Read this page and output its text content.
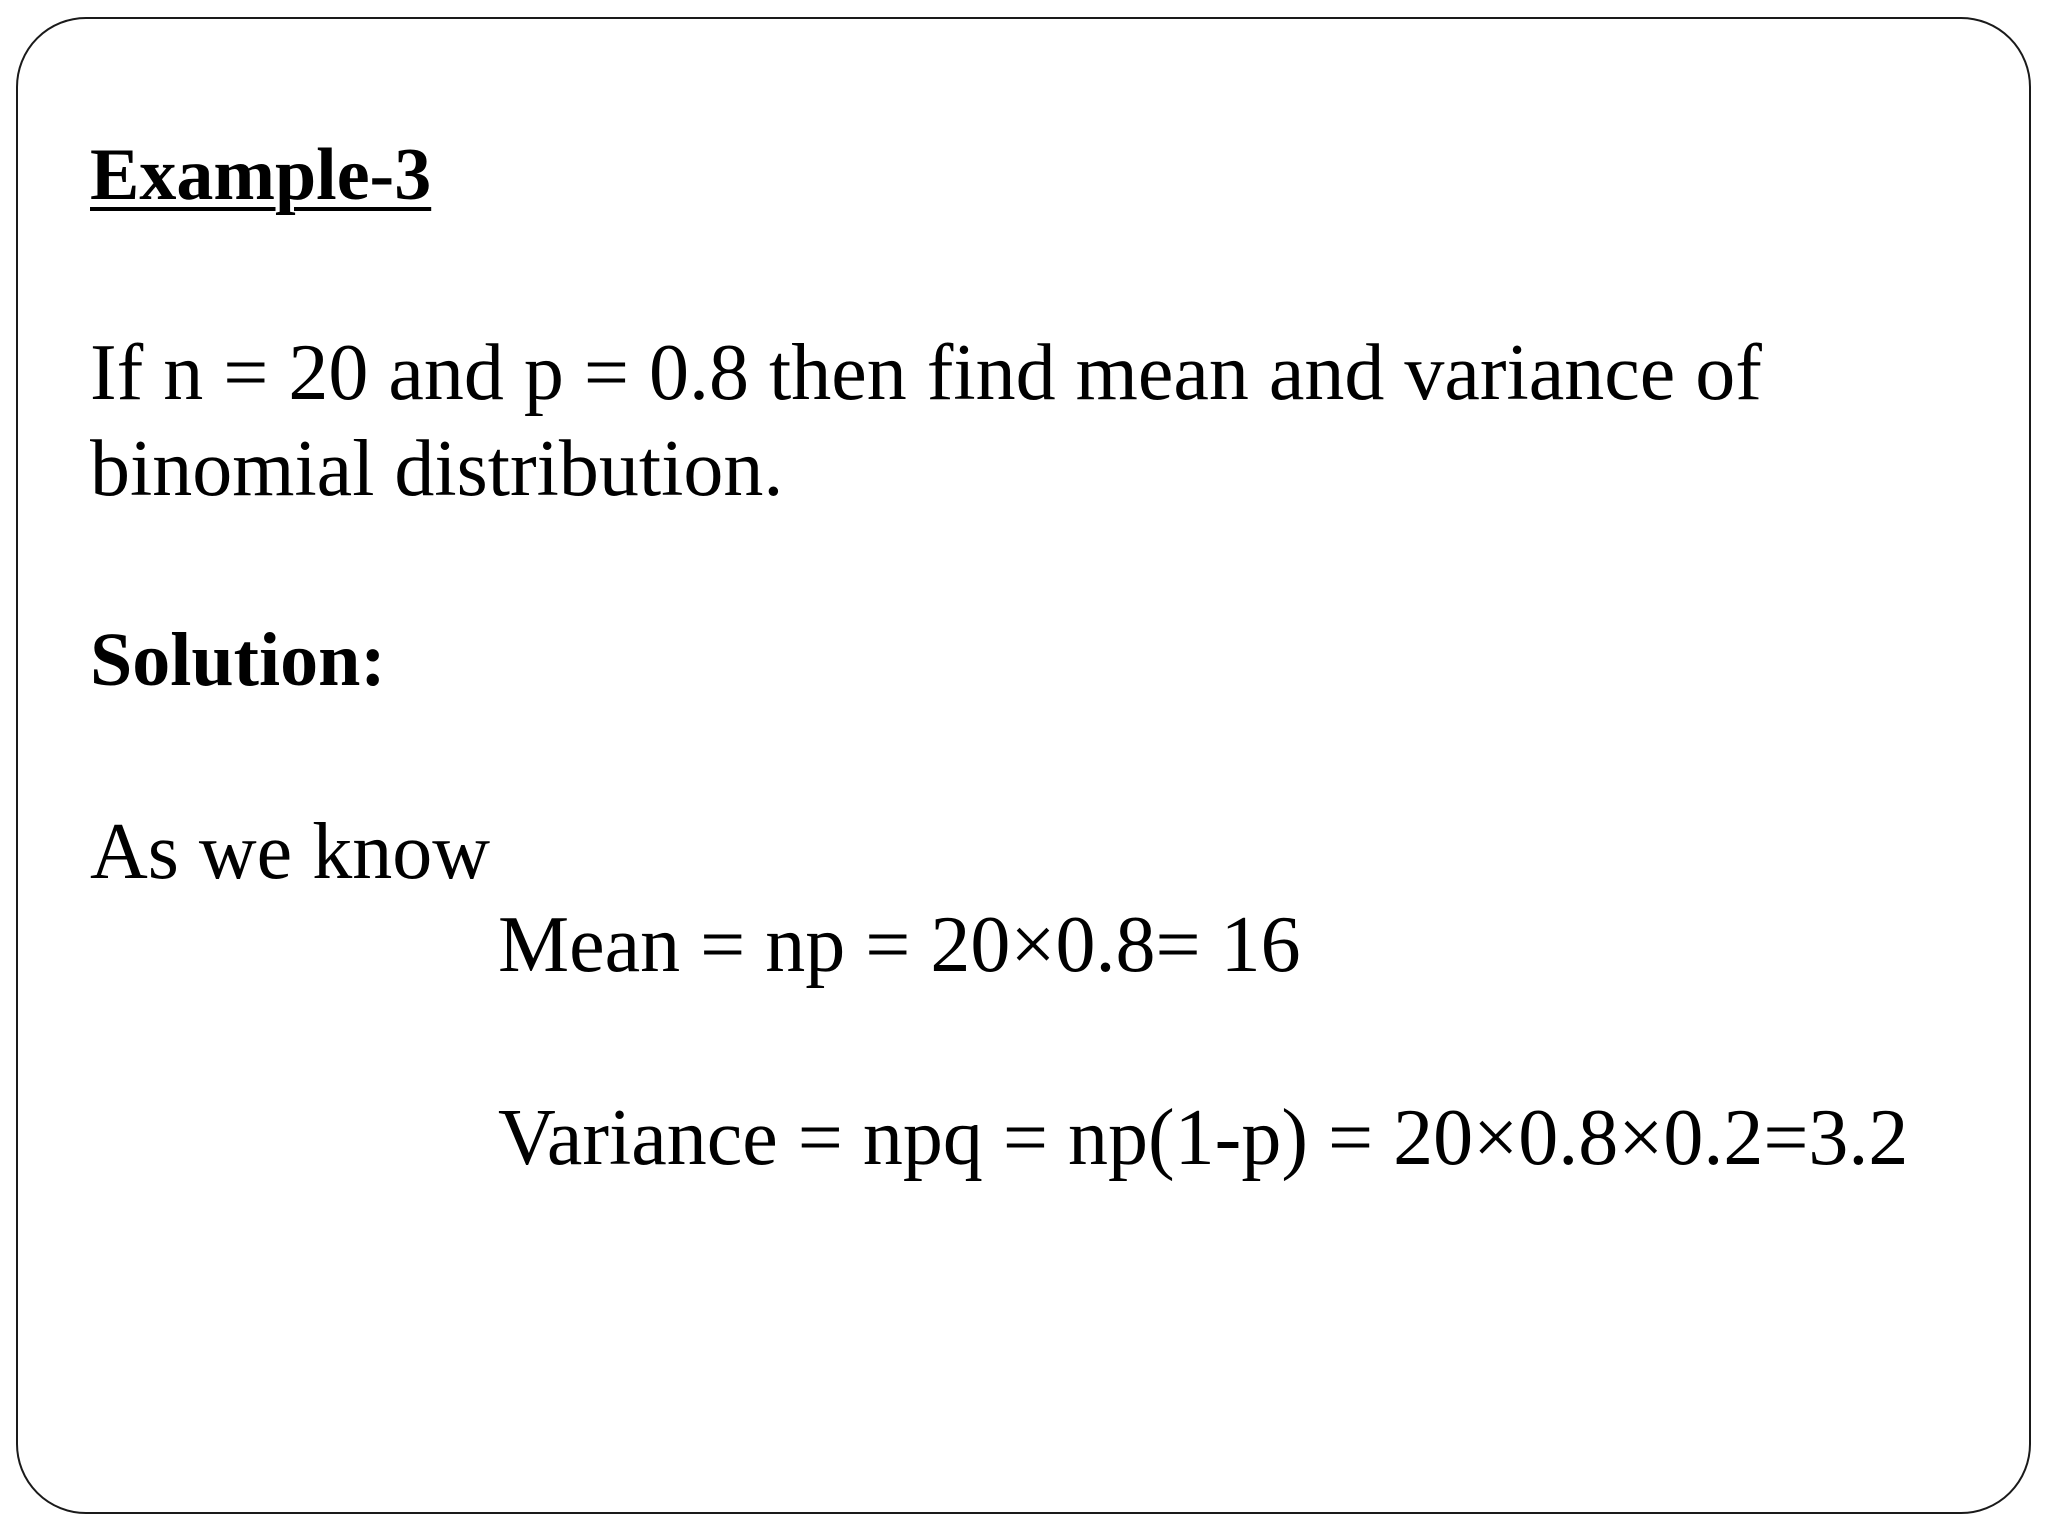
Example-3

If n = 20 and p = 0.8 then find mean and variance of
binomial distribution.

Solution:

As we know

Mean = np = 20×0.8= 16

Variance = npq = np(1-p) = 20×0.8×0.2=3.2
